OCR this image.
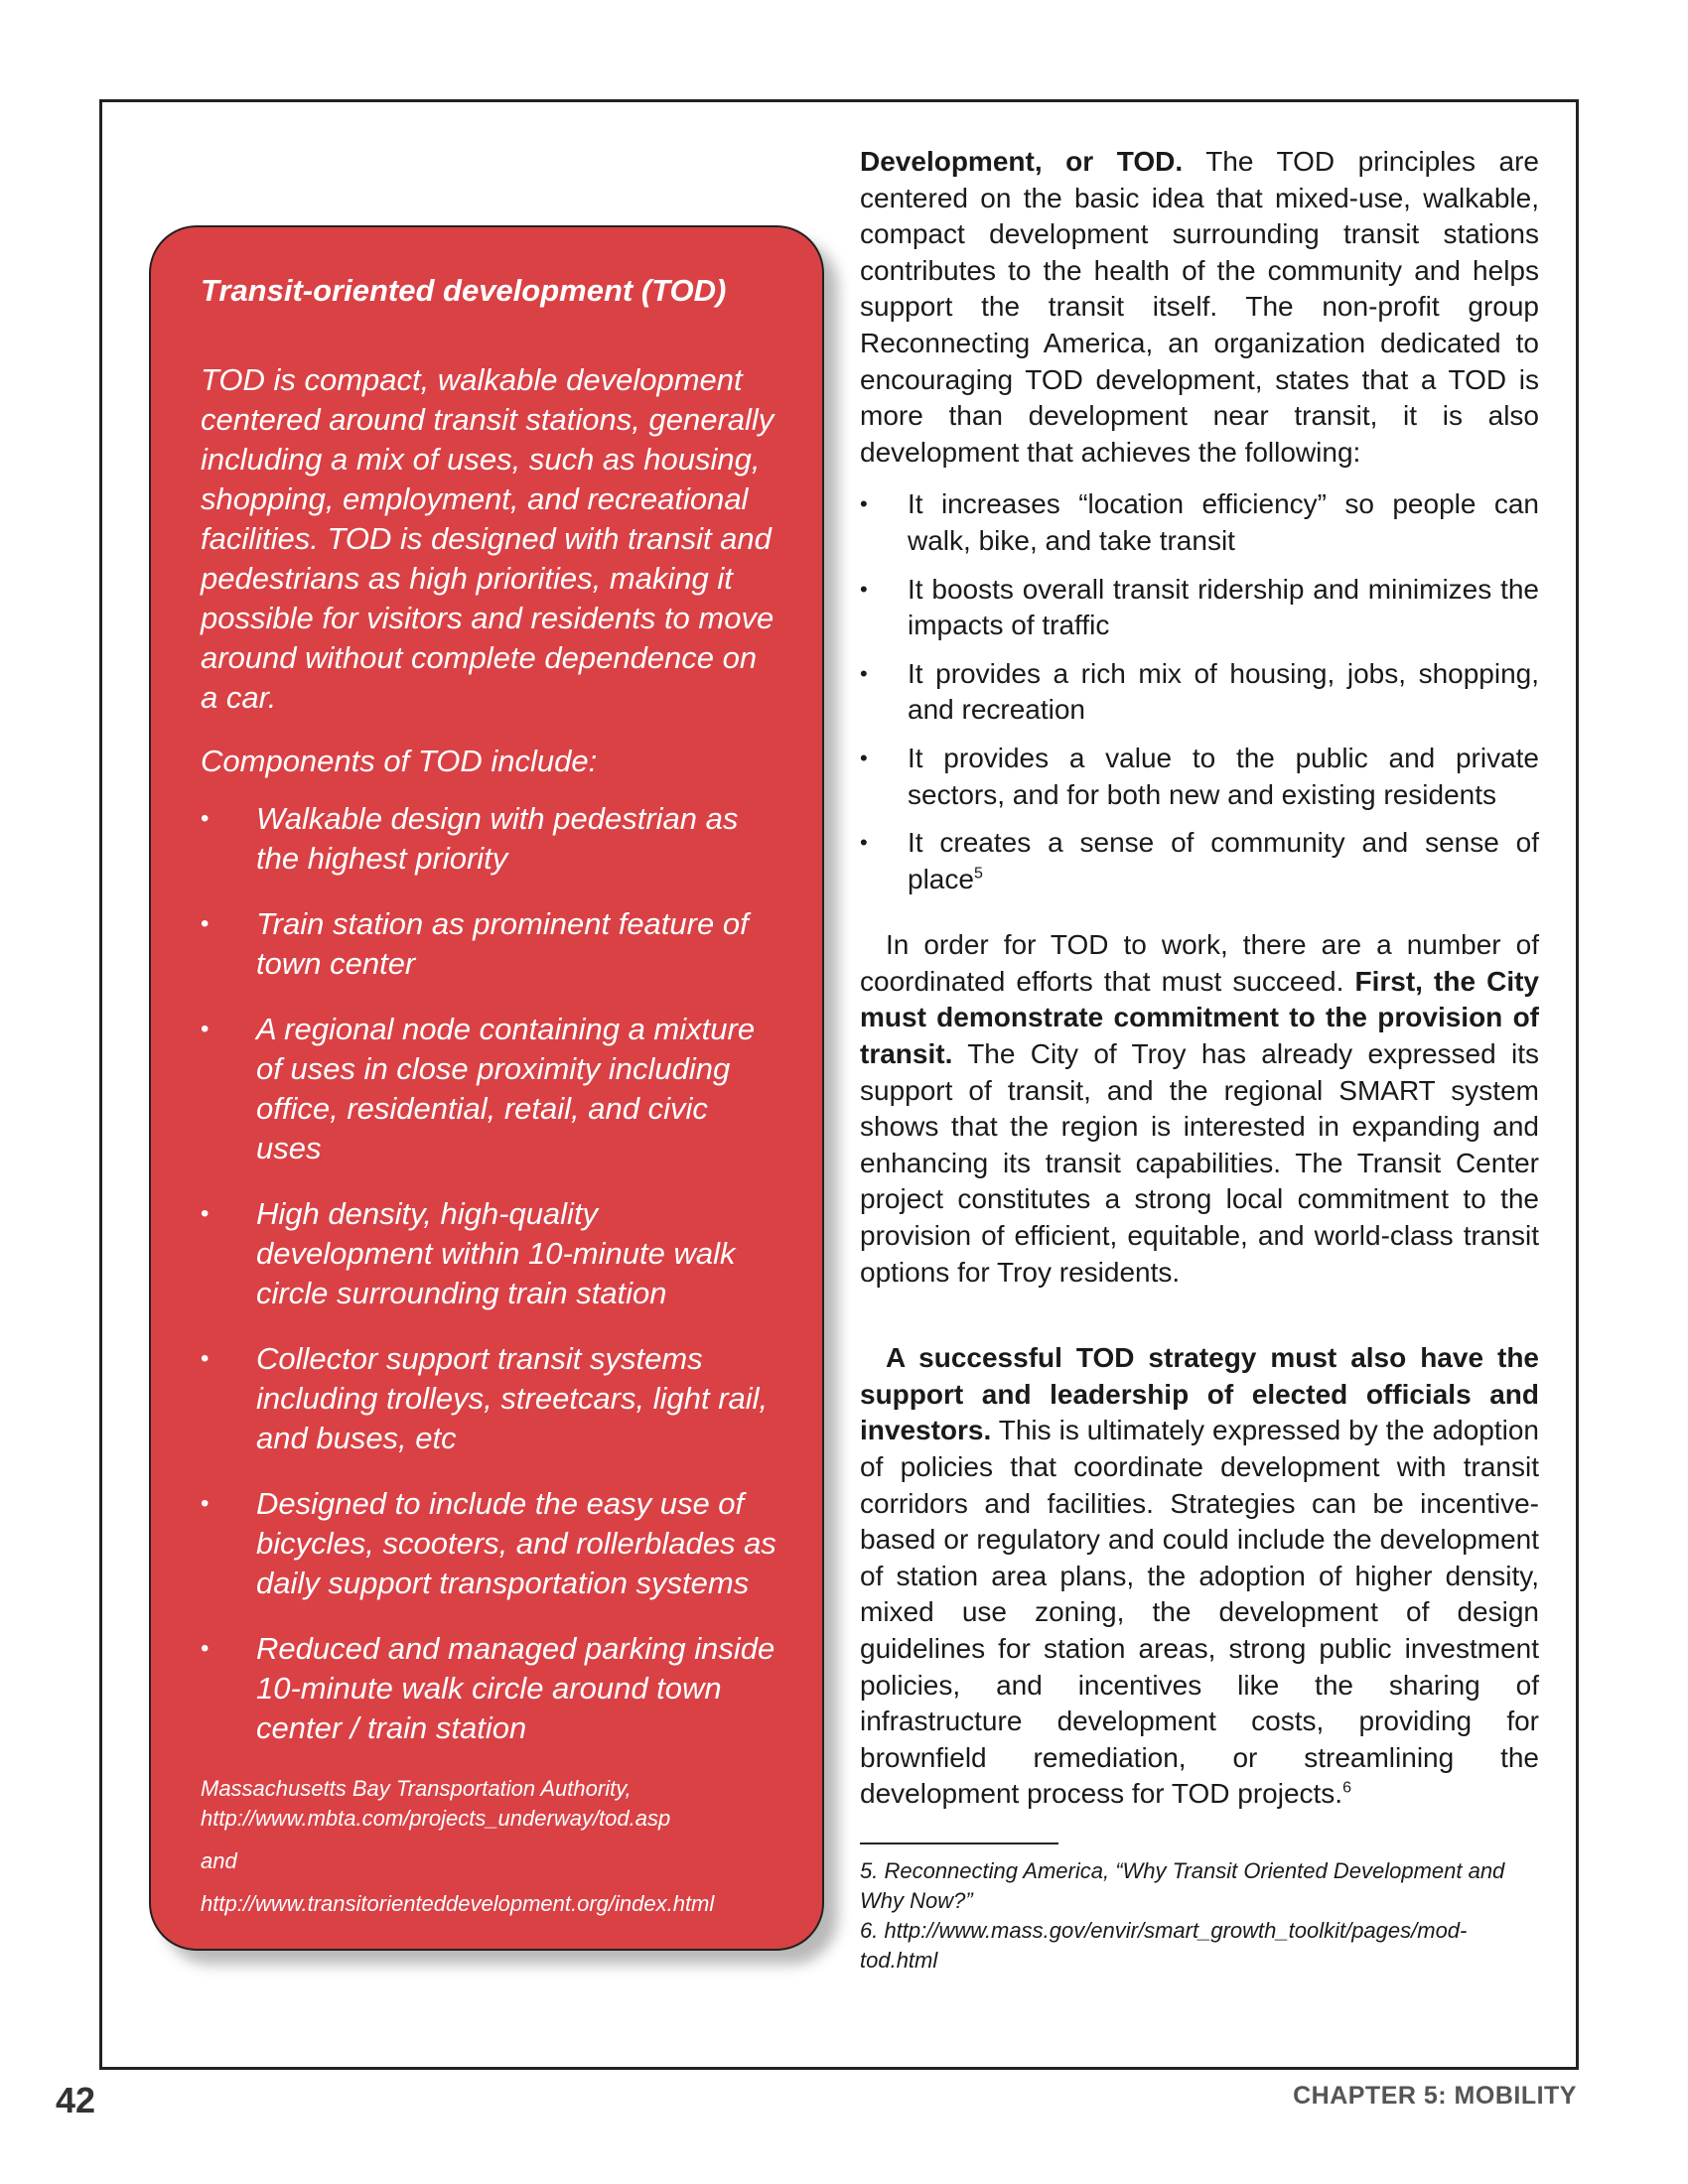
Transit-oriented development (TOD)

TOD is compact, walkable development centered around transit stations, generally including a mix of uses, such as housing, shopping, employment, and recreational facilities. TOD is designed with transit and pedestrians as high priorities, making it possible for visitors and residents to move around without complete dependence on a car.

Components of TOD include:

• Walkable design with pedestrian as the highest priority
• Train station as prominent feature of town center
• A regional node containing a mixture of uses in close proximity including office, residential, retail, and civic uses
• High density, high-quality development within 10-minute walk circle surrounding train station
• Collector support transit systems including trolleys, streetcars, light rail, and buses, etc
• Designed to include the easy use of bicycles, scooters, and rollerblades as daily support transportation systems
• Reduced and managed parking inside 10-minute walk circle around town center / train station

Massachusetts Bay Transportation Authority, http://www.mbta.com/projects_underway/tod.asp

and

http://www.transitorienteddevelopment.org/index.html

Development, or TOD. The TOD principles are centered on the basic idea that mixed-use, walkable, compact development surrounding transit stations contributes to the health of the community and helps support the transit itself. The non-profit group Reconnecting America, an organization dedicated to encouraging TOD development, states that a TOD is more than development near transit, it is also development that achieves the following:

• It increases “location efficiency” so people can walk, bike, and take transit
• It boosts overall transit ridership and minimizes the impacts of traffic
• It provides a rich mix of housing, jobs, shopping, and recreation
• It provides a value to the public and private sectors, and for both new and existing residents
• It creates a sense of community and sense of place$^5$

In order for TOD to work, there are a number of coordinated efforts that must succeed. First, the City must demonstrate commitment to the provision of transit. The City of Troy has already expressed its support of transit, and the regional SMART system shows that the region is interested in expanding and enhancing its transit capabilities. The Transit Center project constitutes a strong local commitment to the provision of efficient, equitable, and world-class transit options for Troy residents.

A successful TOD strategy must also have the support and leadership of elected officials and investors. This is ultimately expressed by the adoption of policies that coordinate development with transit corridors and facilities. Strategies can be incentive-based or regulatory and could include the development of station area plans, the adoption of higher density, mixed use zoning, the development of design guidelines for station areas, strong public investment policies, and incentives like the sharing of infrastructure development costs, providing for brownfield remediation, or streamlining the development process for TOD projects.$^6$

5. Reconnecting America, “Why Transit Oriented Development and Why Now?”

6. http://www.mass.gov/envir/smart_growth_toolkit/pages/mod-tod.html

42	CHAPTER 5: MOBILITY
